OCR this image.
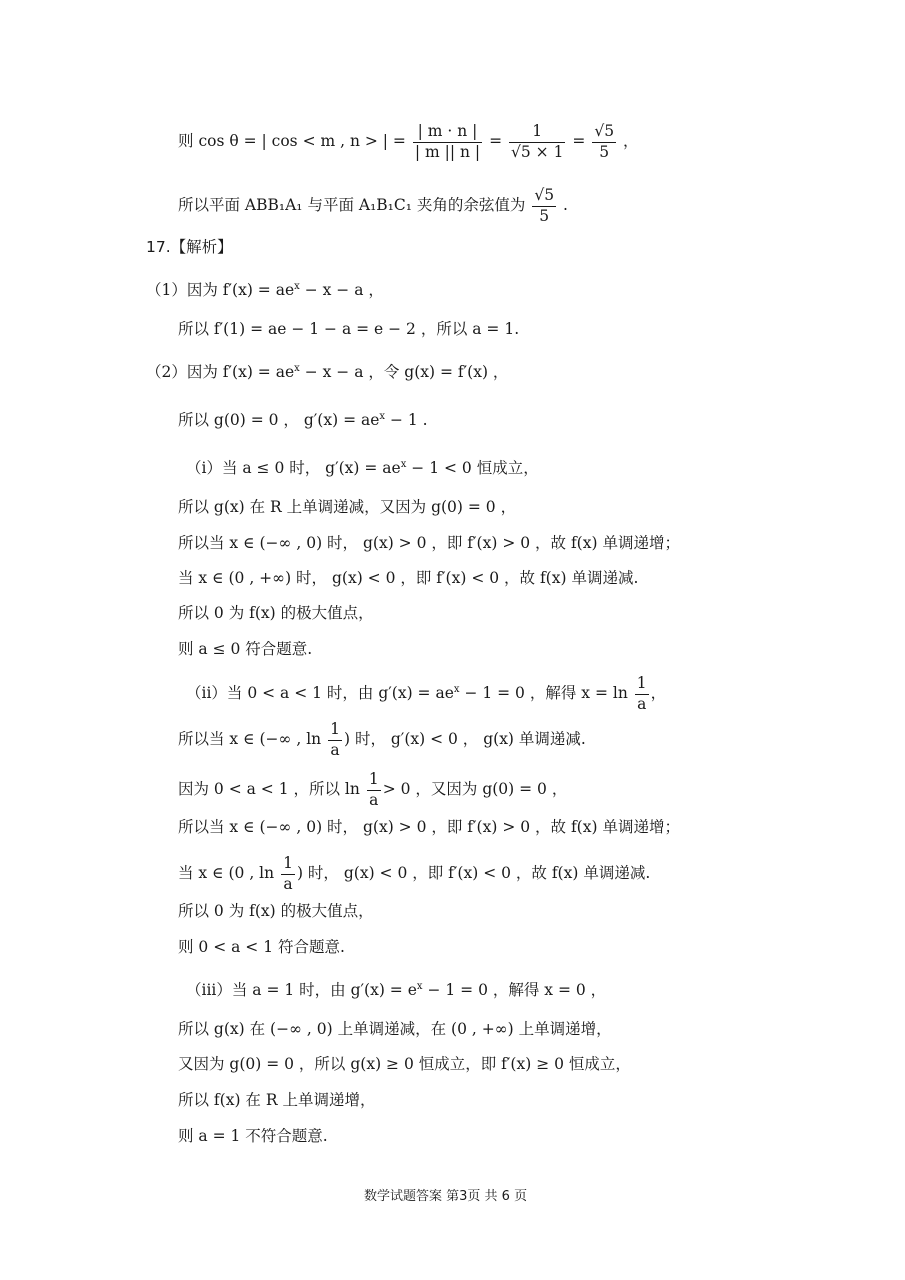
则 cos θ = | cos < m , n > | = $\frac{| m \cdot n |}{| m || n |} = \frac{1}{√5 \times 1} = \frac{√5}{5}$ ，
所以平面 ABB₁A₁ 与平面 A₁B₁C₁ 夹角的余弦值为 $\frac{√5}{5}$ .
17.【解析】
（1）因为 $f'(x) = ae^x - x - a$ ，
所以 f′(1) = ae − 1 − a = e − 2 ，所以 a = 1.
（2）因为 $f'(x) = ae^x - x - a$ ，令 g(x) = f′(x) ，
所以 g(0) = 0 ， $g'(x) = ae^x - 1$ .
（i）当 a ≤ 0 时， $g'(x) = ae^x - 1 < 0$ 恒成立，
所以 g(x) 在 R 上单调递减，又因为 g(0) = 0 ，
所以当 x ∈ (−∞ , 0) 时， g(x) > 0 ，即 f′(x) > 0 ，故 f(x) 单调递增；
当 x ∈ (0 , +∞) 时， g(x) < 0 ，即 f′(x) < 0 ，故 f(x) 单调递减.
所以 0 为 f(x) 的极大值点，
则 a ≤ 0 符合题意.
（ii）当 0 < a < 1 时，由 $g'(x) = ae^x - 1 = 0$ ，解得 $x = \ln \frac{1}{a}$ ，
所以当 x ∈ (−∞ , $\ln \frac{1}{a}$ ) 时， g′(x) < 0 ， g(x) 单调递减.
因为 0 < a < 1 ，所以 $\ln \frac{1}{a} > 0$ ，又因为 g(0) = 0 ，
所以当 x ∈ (−∞ , 0) 时， g(x) > 0 ，即 f′(x) > 0 ，故 f(x) 单调递增；
当 x ∈ (0 , $\ln \frac{1}{a}$ ) 时， g(x) < 0 ，即 f′(x) < 0 ，故 f(x) 单调递减.
所以 0 为 f(x) 的极大值点，
则 0 < a < 1 符合题意.
（iii）当 a = 1 时，由 $g'(x) = e^x - 1 = 0$ ，解得 x = 0 ，
所以 g(x) 在 (−∞ , 0) 上单调递减，在 (0 , +∞) 上单调递增，
又因为 g(0) = 0 ，所以 g(x) ≥ 0 恒成立，即 f′(x) ≥ 0 恒成立，
所以 f(x) 在 R 上单调递增，
则 a = 1 不符合题意.
数学试题答案 第3页 共 6 页
